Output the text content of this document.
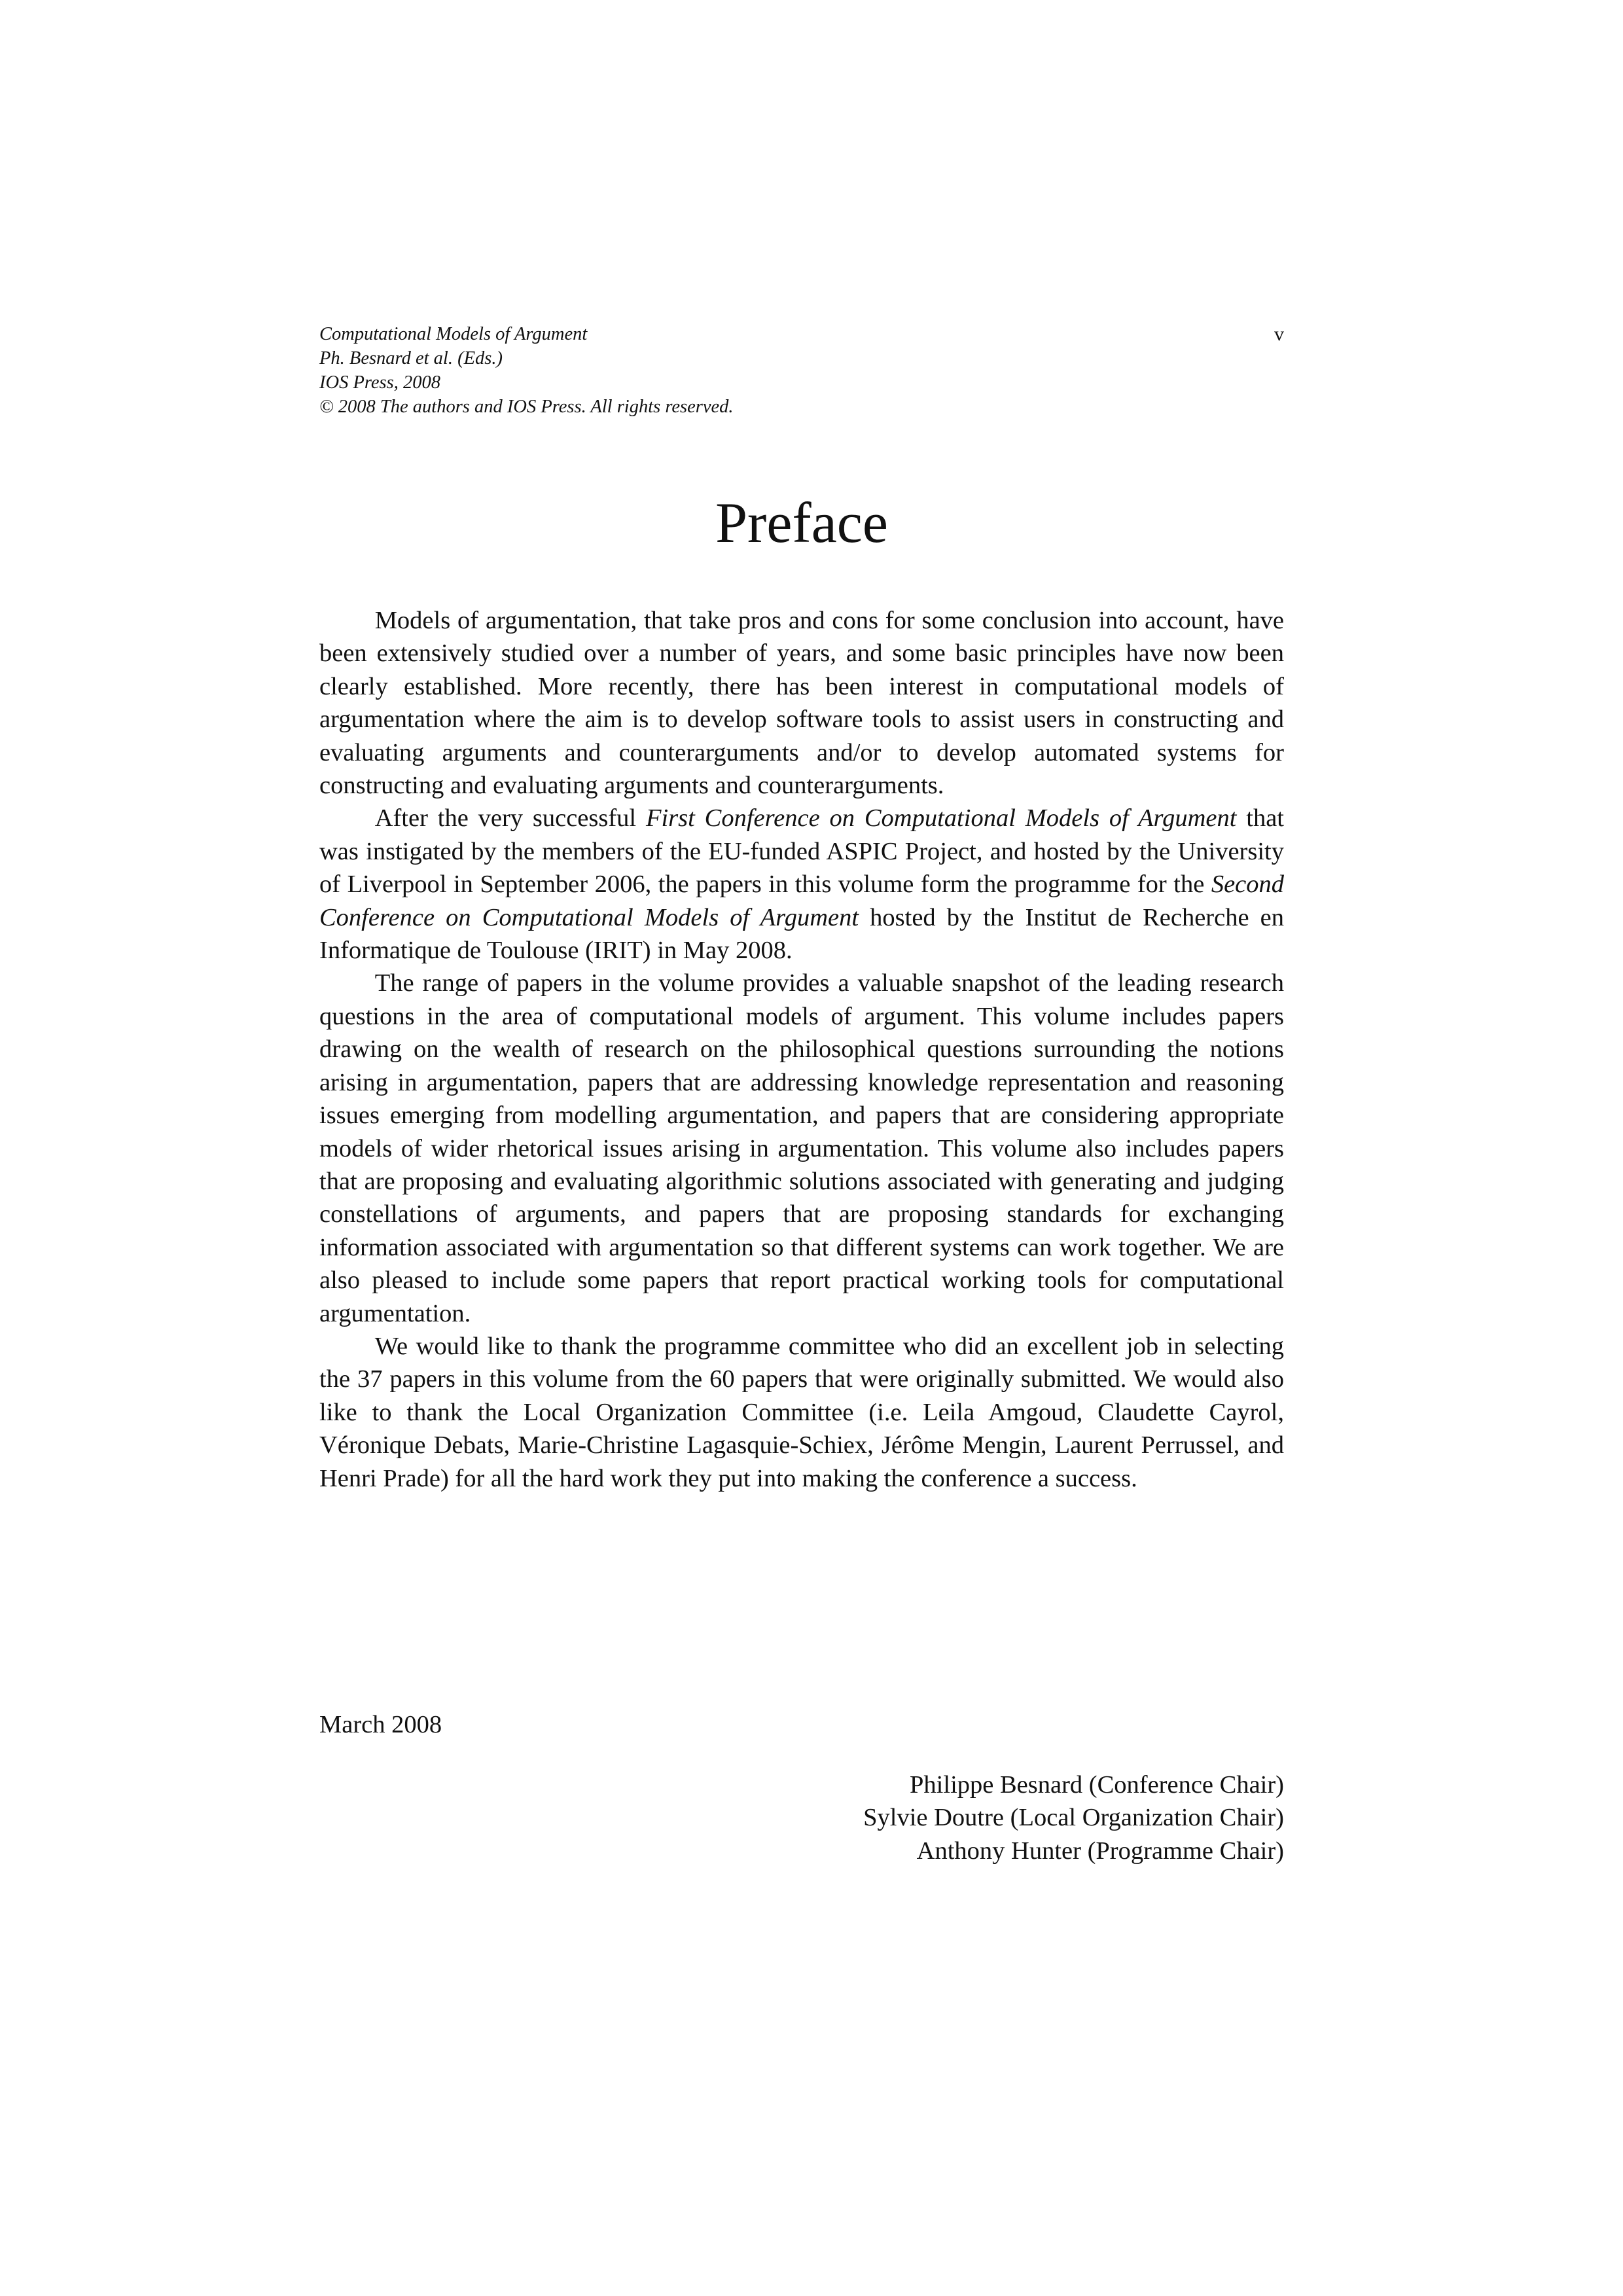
Computational Models of Argument
Ph. Besnard et al. (Eds.)
IOS Press, 2008
© 2008 The authors and IOS Press. All rights reserved.
v
Preface

Models of argumentation, that take pros and cons for some conclusion into account, have been extensively studied over a number of years, and some basic principles have now been clearly established. More recently, there has been interest in computational models of argumentation where the aim is to develop software tools to assist users in constructing and evaluating arguments and counterarguments and/or to develop automated systems for constructing and evaluating arguments and counterarguments.

After the very successful First Conference on Computational Models of Argument that was instigated by the members of the EU-funded ASPIC Project, and hosted by the University of Liverpool in September 2006, the papers in this volume form the programme for the Second Conference on Computational Models of Argument hosted by the Institut de Recherche en Informatique de Toulouse (IRIT) in May 2008.

The range of papers in the volume provides a valuable snapshot of the leading research questions in the area of computational models of argument. This volume includes papers drawing on the wealth of research on the philosophical questions surrounding the notions arising in argumentation, papers that are addressing knowledge representation and reasoning issues emerging from modelling argumentation, and papers that are considering appropriate models of wider rhetorical issues arising in argumentation. This volume also includes papers that are proposing and evaluating algorithmic solutions associated with generating and judging constellations of arguments, and papers that are proposing standards for exchanging information associated with argumentation so that different systems can work together. We are also pleased to include some papers that report practical working tools for computational argumentation.

We would like to thank the programme committee who did an excellent job in selecting the 37 papers in this volume from the 60 papers that were originally submitted. We would also like to thank the Local Organization Committee (i.e. Leila Amgoud, Claudette Cayrol, Véronique Debats, Marie-Christine Lagasquie-Schiex, Jérôme Mengin, Laurent Perrussel, and Henri Prade) for all the hard work they put into making the conference a success.

March 2008
Philippe Besnard (Conference Chair)
Sylvie Doutre (Local Organization Chair)
Anthony Hunter (Programme Chair)
